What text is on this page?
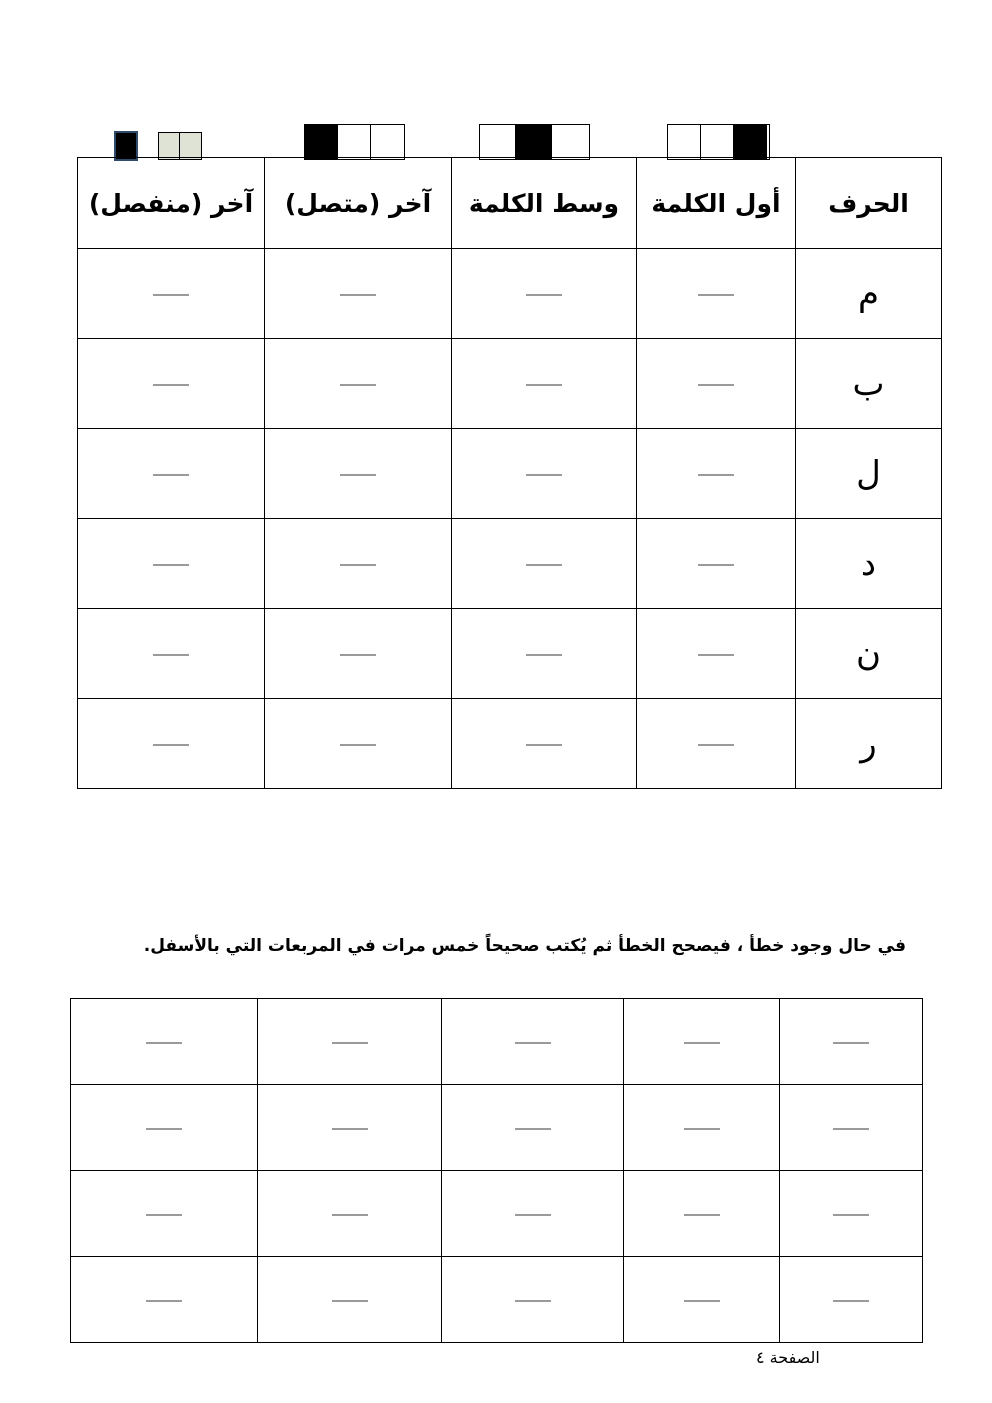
الحرف	أول الكلمة	وسط الكلمة	آخر (متصل)	آخر (منفصل)
م				
ب				
ل				
د				
ن				
ر				
في حال وجود خطأ ، فيصحح الخطأ ثم يُكتب صحيحاً خمس مرات في المربعات التي بالأسفل.

الصفحة ٤
